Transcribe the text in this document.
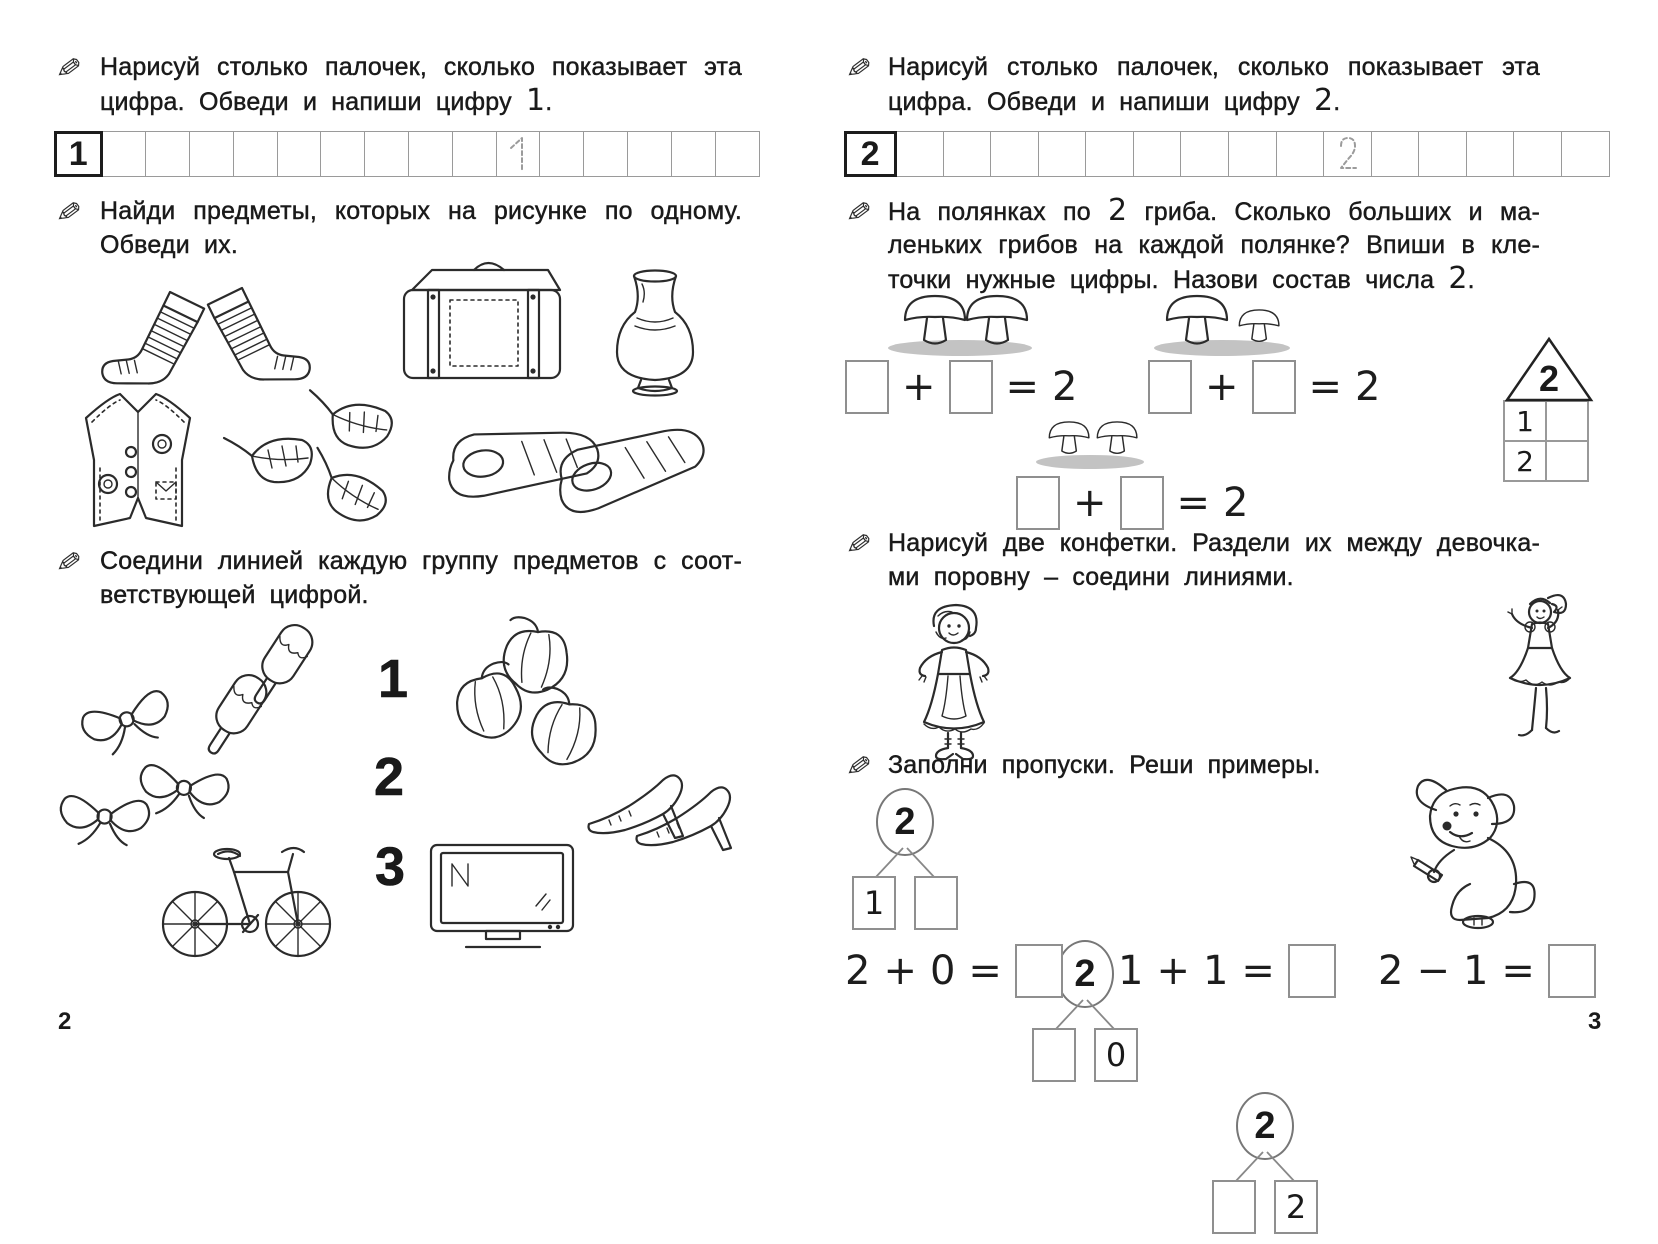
✎ Нарисуй столько палочек, сколько показывает эта
цифра. Обведи и напиши цифру 1.
1
✎ Найди предметы, которых на рисунке по одному.
Обведи их.
✎ Соедини линией каждую группу предметов с соот-
ветствующей цифрой.
1
2
3
2
✎ Нарисуй столько палочек, сколько показывает эта
цифра. Обведи и напиши цифру 2.
2
✎ На полянках по 2 гриба. Сколько больших и ма-
леньких грибов на каждой полянке? Впиши в кле-
точки нужные цифры. Назови состав числа 2.
+ = 2	+ = 2
+ = 2
2
1
2
✎ Нарисуй две конфетки. Раздели их между девочка-
ми поровну – соедини линиями.
✎ Заполни пропуски. Реши примеры.
2
1
2
0
2
2
2 + 0 =	1 + 1 =	2 − 1 =
3
